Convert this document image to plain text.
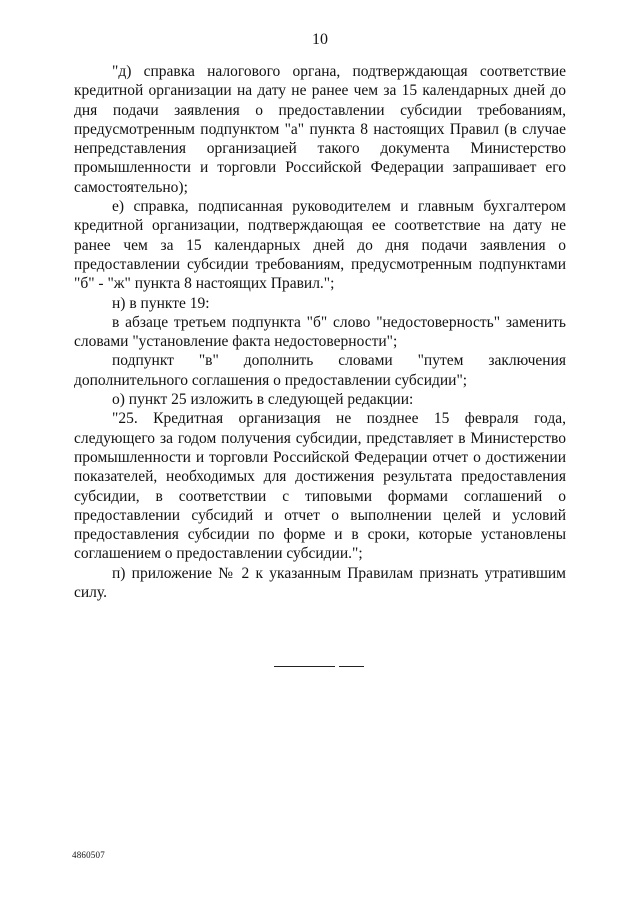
10

"д) справка налогового органа, подтверждающая соответствие кредитной организации на дату не ранее чем за 15 календарных дней до дня подачи заявления о предоставлении субсидии требованиям, предусмотренным подпунктом "а" пункта 8 настоящих Правил (в случае непредставления организацией такого документа Министерство промышленности и торговли Российской Федерации запрашивает его самостоятельно);

е) справка, подписанная руководителем и главным бухгалтером кредитной организации, подтверждающая ее соответствие на дату не ранее чем за 15 календарных дней до дня подачи заявления о предоставлении субсидии требованиям, предусмотренным подпунктами "б" - "ж" пункта 8 настоящих Правил.";

н) в пункте 19:

в абзаце третьем подпункта "б" слово "недостоверность" заменить словами "установление факта недостоверности";

подпункт "в" дополнить словами "путем заключения дополнительного соглашения о предоставлении субсидии";

о) пункт 25 изложить в следующей редакции:

"25. Кредитная организация не позднее 15 февраля года, следующего за годом получения субсидии, представляет в Министерство промышленности и торговли Российской Федерации отчет о достижении показателей, необходимых для достижения результата предоставления субсидии, в соответствии с типовыми формами соглашений о предоставлении субсидий и отчет о выполнении целей и условий предоставления субсидии по форме и в сроки, которые установлены соглашением о предоставлении субсидии.";

п) приложение № 2 к указанным Правилам признать утратившим силу.

4860507
